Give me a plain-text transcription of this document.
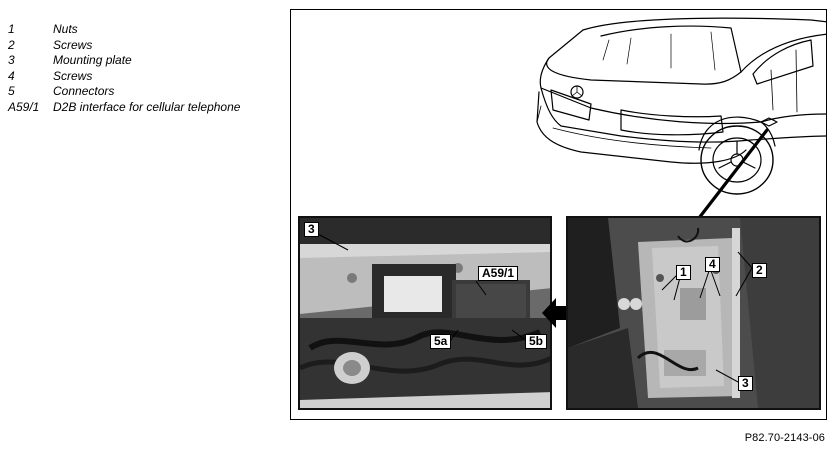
1	Nuts
2	Screws
3	Mounting plate
4	Screws
5	Connectors
A59/1	D2B interface for cellular telephone
3
A59/1
5a	5b
1
4	2
3
P82.70-2143-06
